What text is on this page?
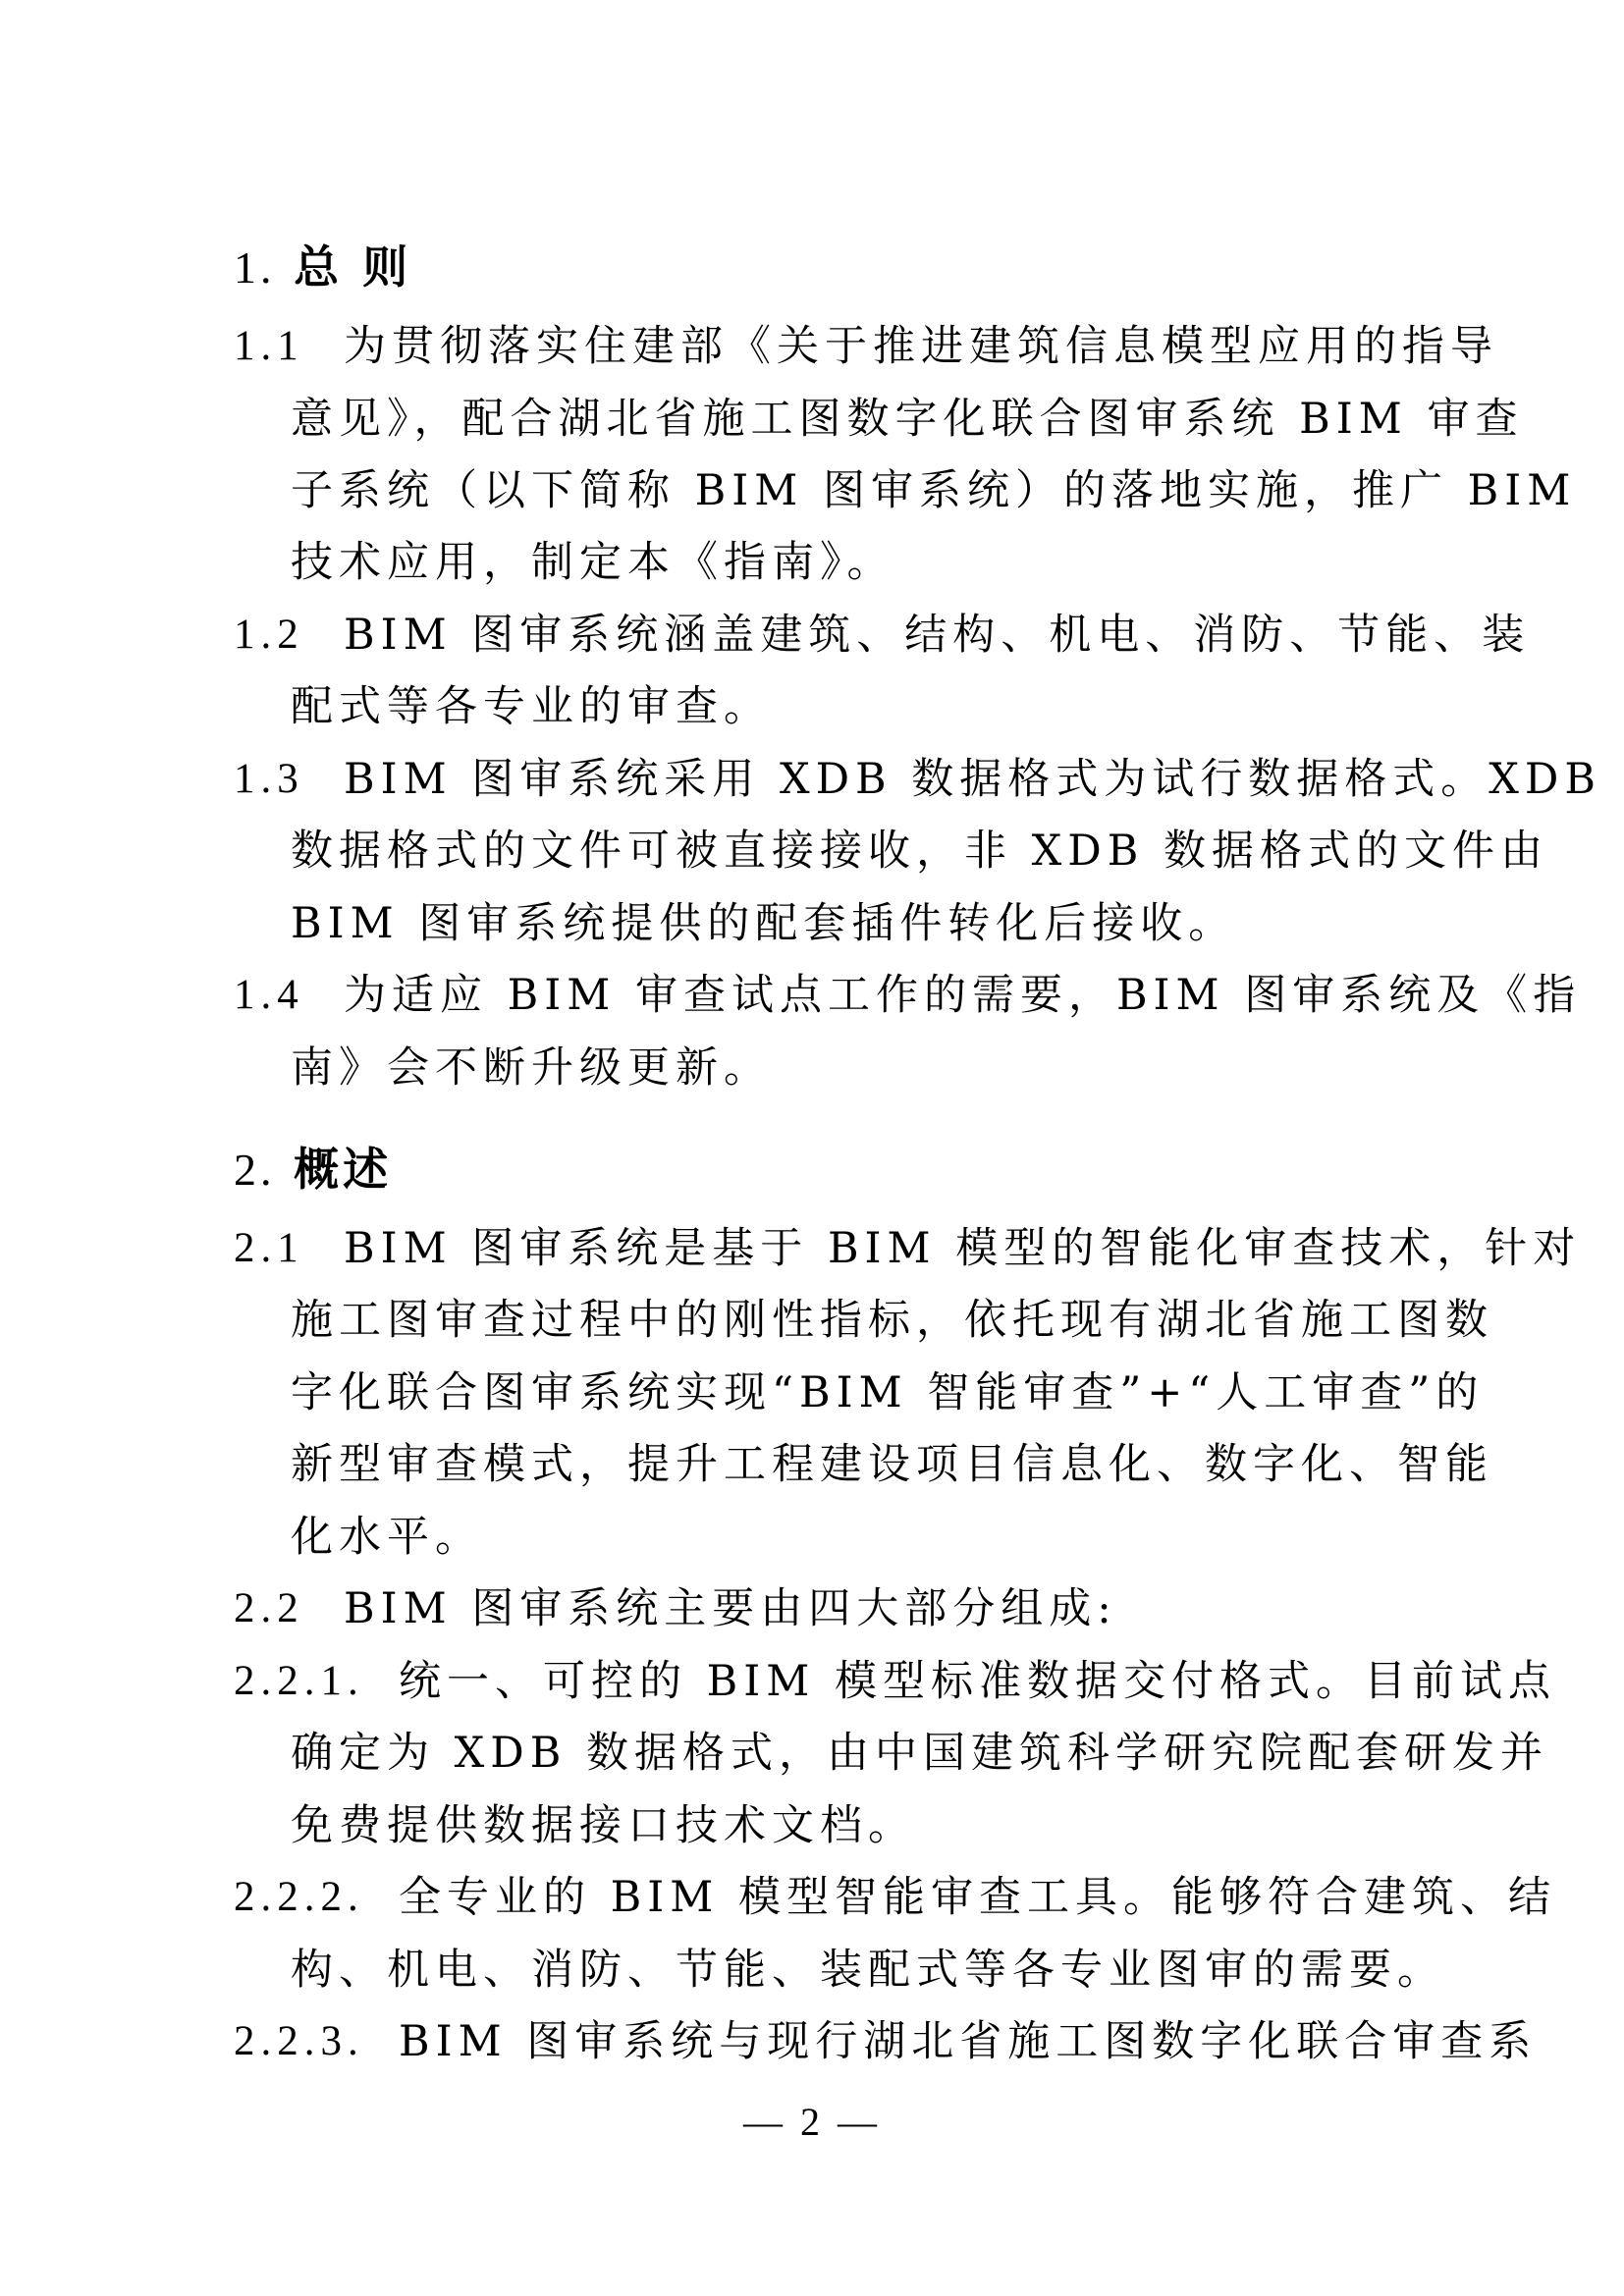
1. 总 则
1.1 为贯彻落实住建部《关于推进建筑信息模型应用的指导
意见》，配合湖北省施工图数字化联合图审系统 BIM 审查
子系统（以下简称 BIM 图审系统）的落地实施，推广 BIM
技术应用，制定本《指南》。
1.2 BIM 图审系统涵盖建筑、结构、机电、消防、节能、装
配式等各专业的审查。
1.3 BIM 图审系统采用 XDB 数据格式为试行数据格式。XDB
数据格式的文件可被直接接收，非 XDB 数据格式的文件由
BIM 图审系统提供的配套插件转化后接收。
1.4 为适应 BIM 审查试点工作的需要，BIM 图审系统及《指
南》会不断升级更新。
2. 概述
2.1 BIM 图审系统是基于 BIM 模型的智能化审查技术，针对
施工图审查过程中的刚性指标，依托现有湖北省施工图数
字化联合图审系统实现“BIM 智能审查”+“人工审查”的
新型审查模式，提升工程建设项目信息化、数字化、智能
化水平。
2.2 BIM 图审系统主要由四大部分组成:
2.2.1. 统一、可控的 BIM 模型标准数据交付格式。目前试点
确定为 XDB 数据格式，由中国建筑科学研究院配套研发并
免费提供数据接口技术文档。
2.2.2. 全专业的 BIM 模型智能审查工具。能够符合建筑、结
构、机电、消防、节能、装配式等各专业图审的需要。
2.2.3. BIM 图审系统与现行湖北省施工图数字化联合审查系
— 2 —
